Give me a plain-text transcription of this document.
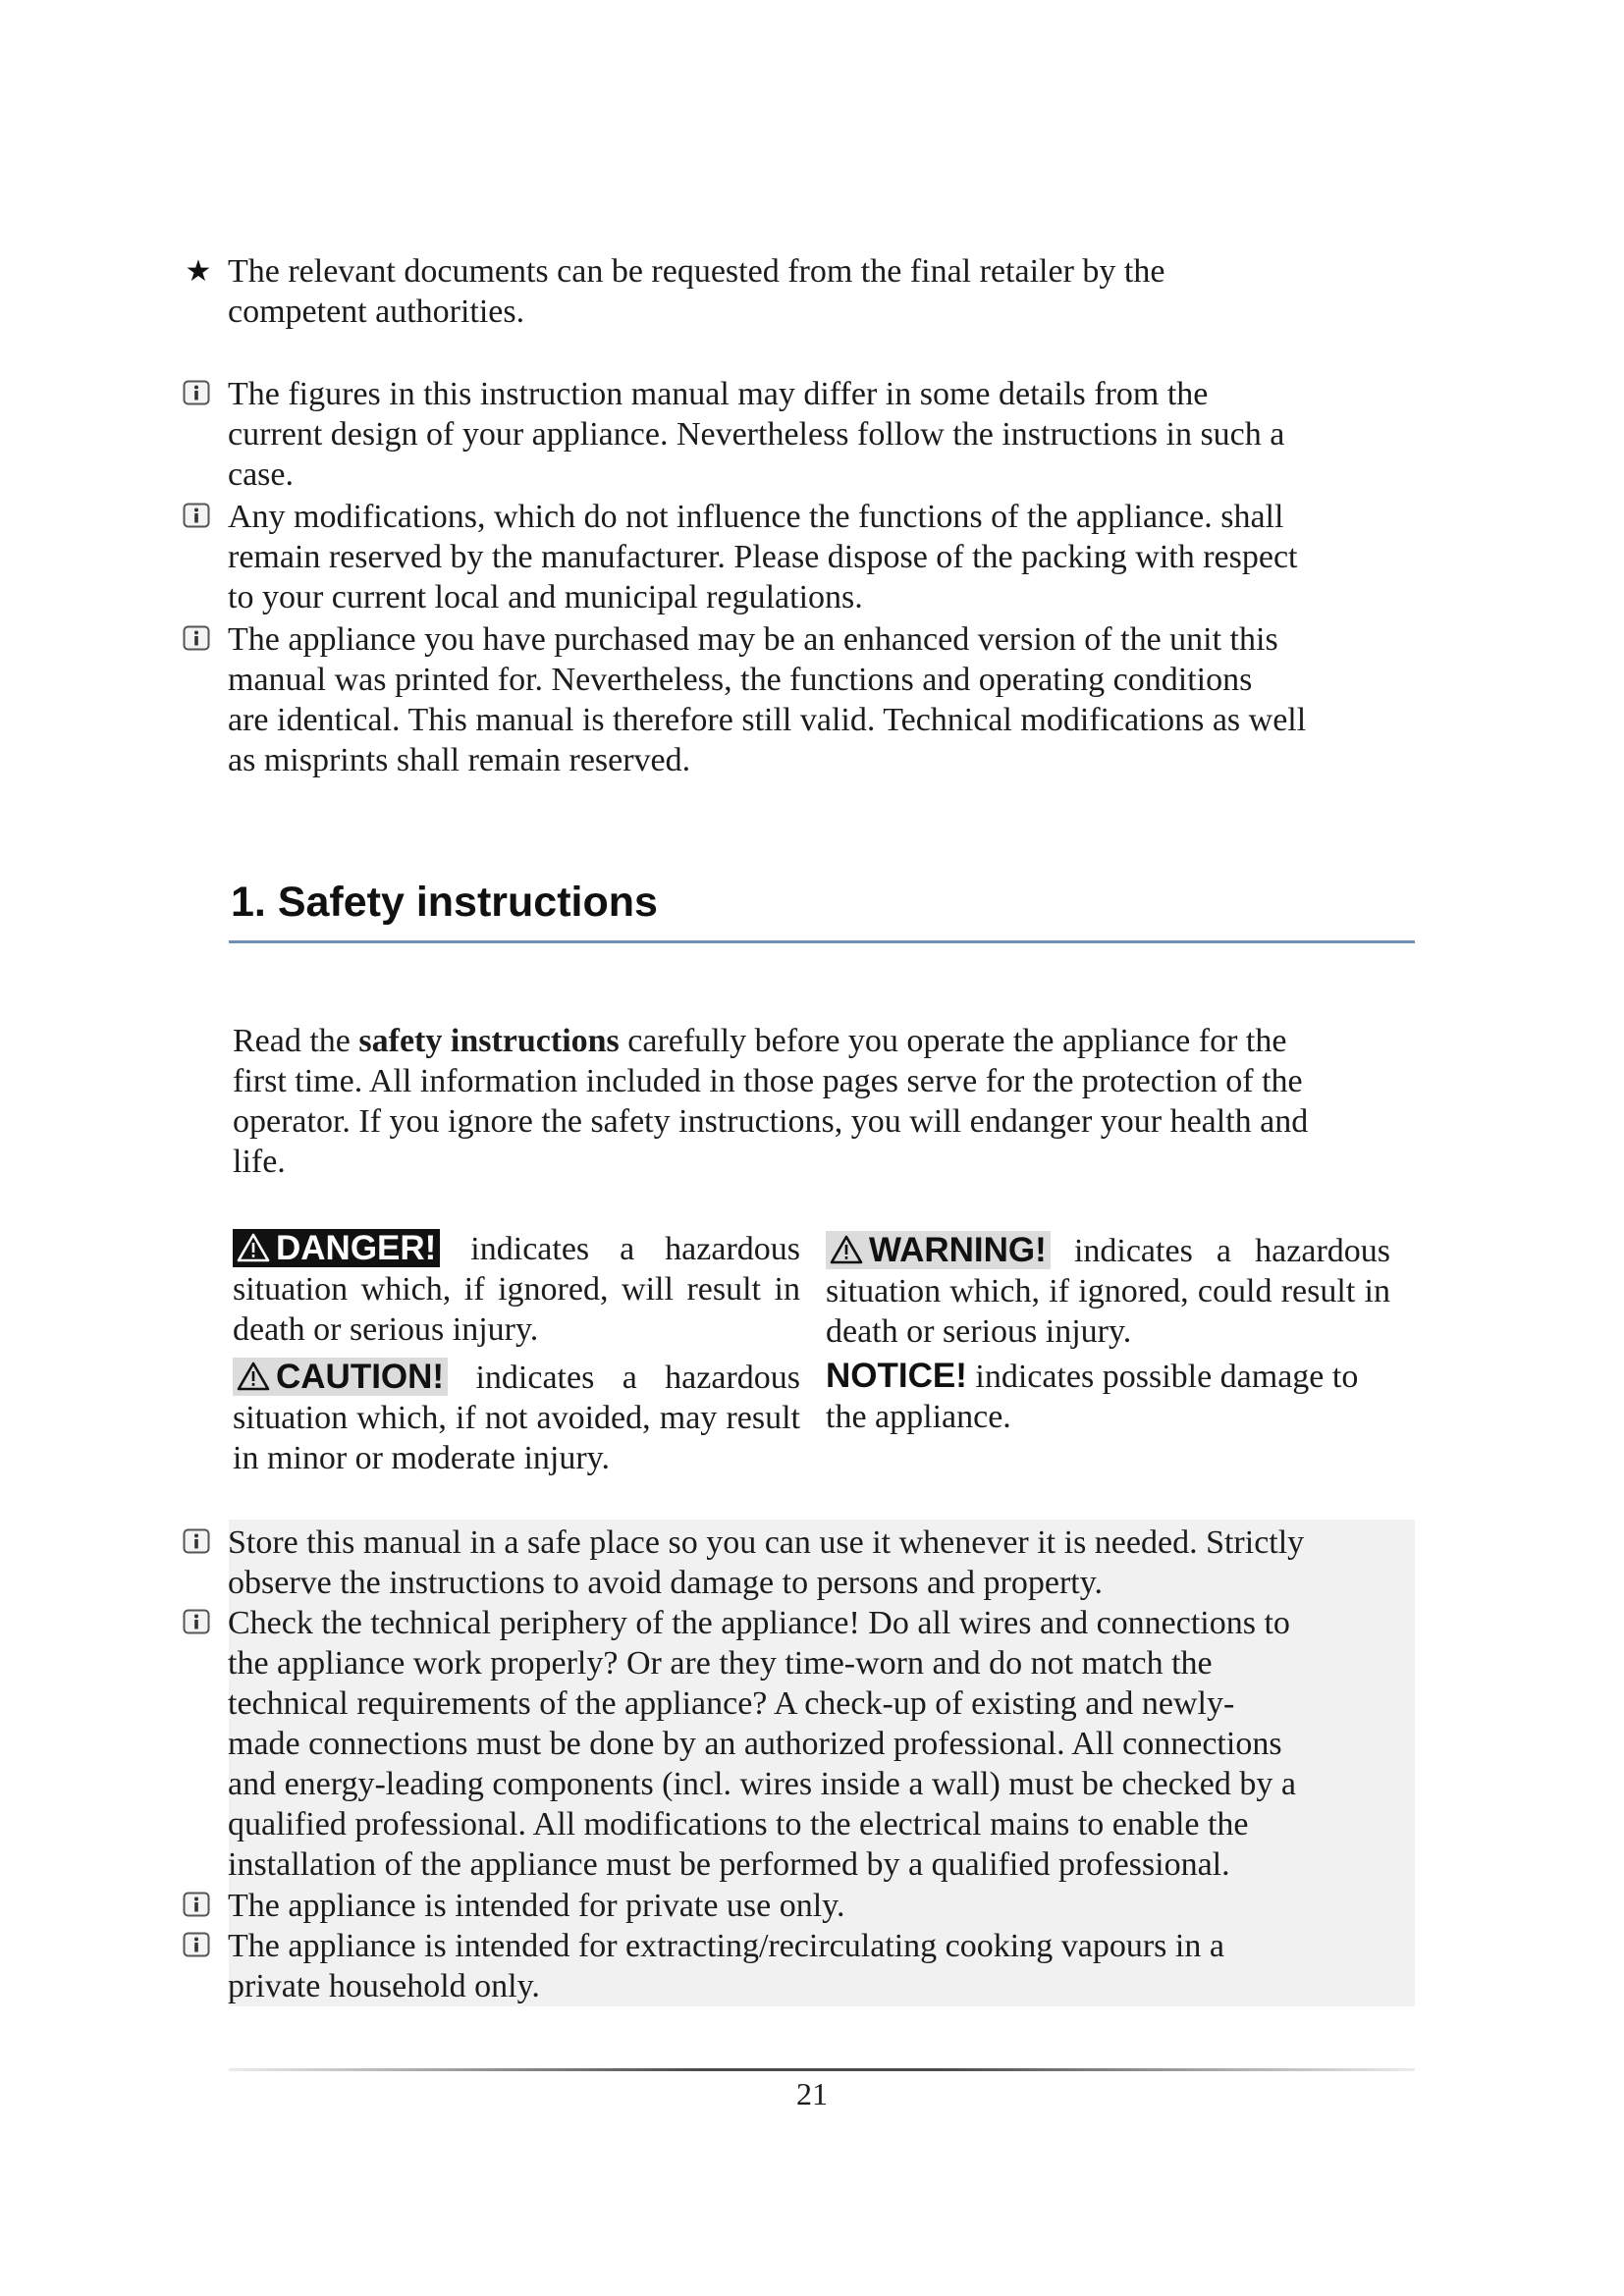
★ The relevant documents can be requested from the final retailer by the
competent authorities.
The figures in this instruction manual may differ in some details from the
current design of your appliance. Nevertheless follow the instructions in such a
case.
Any modifications, which do not influence the functions of the appliance. shall
remain reserved by the manufacturer. Please dispose of the packing with respect
to your current local and municipal regulations.
The appliance you have purchased may be an enhanced version of the unit this
manual was printed for. Nevertheless, the functions and operating conditions
are identical. This manual is therefore still valid. Technical modifications as well
as misprints shall remain reserved.
1. Safety instructions
Read the safety instructions carefully before you operate the appliance for the
first time. All information included in those pages serve for the protection of the
operator. If you ignore the safety instructions, you will endanger your health and
life.
DANGER! indicates a hazardous situation which, if ignored, will result in death or serious injury.
WARNING! indicates a hazardous situation which, if ignored, could result in death or serious injury.
CAUTION! indicates a hazardous situation which, if not avoided, may result in minor or moderate injury.
NOTICE! indicates possible damage to
the appliance.
Store this manual in a safe place so you can use it whenever it is needed. Strictly
observe the instructions to avoid damage to persons and property.
Check the technical periphery of the appliance! Do all wires and connections to
the appliance work properly? Or are they time-worn and do not match the
technical requirements of the appliance? A check-up of existing and newly-
made connections must be done by an authorized professional. All connections
and energy-leading components (incl. wires inside a wall) must be checked by a
qualified professional. All modifications to the electrical mains to enable the
installation of the appliance must be performed by a qualified professional.
The appliance is intended for private use only.
The appliance is intended for extracting/recirculating cooking vapours in a
private household only.
21
